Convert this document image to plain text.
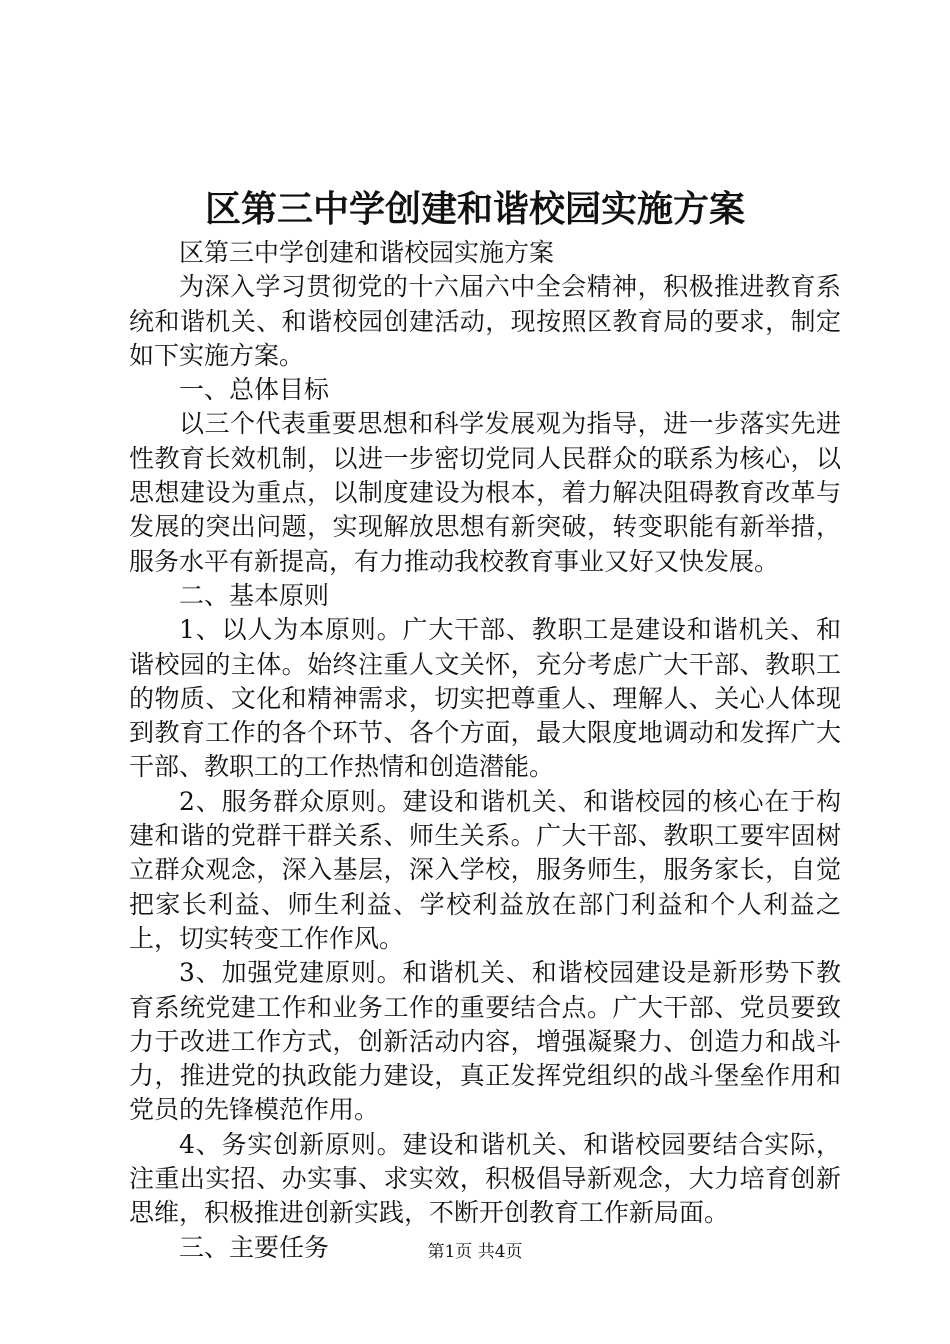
区第三中学创建和谐校园实施方案

区第三中学创建和谐校园实施方案

为深入学习贯彻党的十六届六中全会精神，积极推进教育系统和谐机关、和谐校园创建活动，现按照区教育局的要求，制定如下实施方案。

一、总体目标

以三个代表重要思想和科学发展观为指导，进一步落实先进性教育长效机制，以进一步密切党同人民群众的联系为核心，以思想建设为重点，以制度建设为根本，着力解决阻碍教育改革与发展的突出问题，实现解放思想有新突破，转变职能有新举措，服务水平有新提高，有力推动我校教育事业又好又快发展。

二、基本原则

1、以人为本原则。广大干部、教职工是建设和谐机关、和谐校园的主体。始终注重人文关怀，充分考虑广大干部、教职工的物质、文化和精神需求，切实把尊重人、理解人、关心人体现到教育工作的各个环节、各个方面，最大限度地调动和发挥广大干部、教职工的工作热情和创造潜能。

2、服务群众原则。建设和谐机关、和谐校园的核心在于构建和谐的党群干群关系、师生关系。广大干部、教职工要牢固树立群众观念，深入基层，深入学校，服务师生，服务家长，自觉把家长利益、师生利益、学校利益放在部门利益和个人利益之上，切实转变工作作风。

3、加强党建原则。和谐机关、和谐校园建设是新形势下教育系统党建工作和业务工作的重要结合点。广大干部、党员要致力于改进工作方式，创新活动内容，增强凝聚力、创造力和战斗力，推进党的执政能力建设，真正发挥党组织的战斗堡垒作用和党员的先锋模范作用。

4、务实创新原则。建设和谐机关、和谐校园要结合实际，注重出实招、办实事、求实效，积极倡导新观念，大力培育创新思维，积极推进创新实践，不断开创教育工作新局面。

三、主要任务	第1页 共4页
